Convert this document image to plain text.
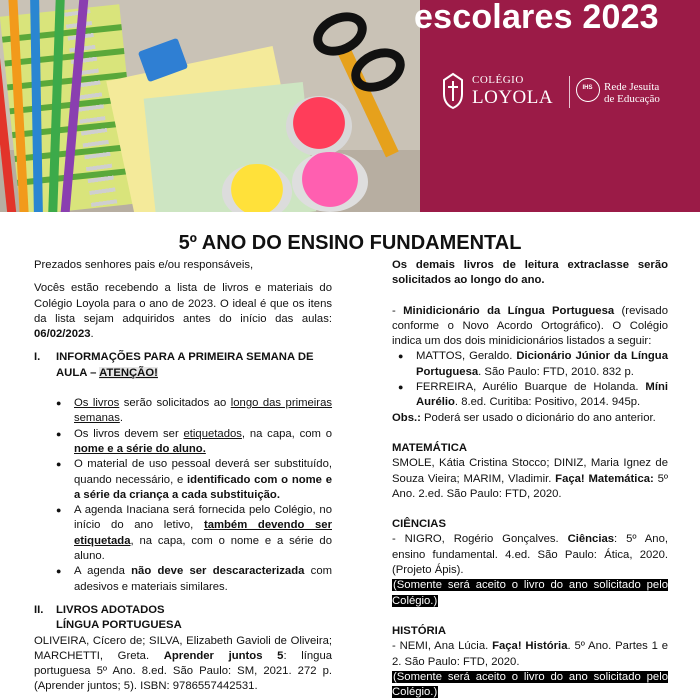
escolares 2023
COLÉGIO
LOYOLA	IHS	Rede Jesuíta
de Educação
5º ANO DO ENSINO FUNDAMENTAL

Prezados senhores pais e/ou responsáveis,

Vocês estão recebendo a lista de livros e materiais do Colégio Loyola para o ano de 2023. O ideal é que os itens da lista sejam adquiridos antes do início das aulas: 06/02/2023.

I.	INFORMAÇÕES PARA A PRIMEIRA SEMANA DE AULA – ATENÇÃO!
● Os livros serão solicitados ao longo das primeiras semanas.
● Os livros devem ser etiquetados, na capa, com o nome e a série do aluno.
● O material de uso pessoal deverá ser substituído, quando necessário, e identificado com o nome e a série da criança a cada substituição.
● A agenda Inaciana será fornecida pelo Colégio, no início do ano letivo, também devendo ser etiquetada, na capa, com o nome e a série do aluno.
● A agenda não deve ser descaracterizada com adesivos e materiais similares.
II.	LIVROS ADOTADOS
LÍNGUA PORTUGUESA

OLIVEIRA, Cícero de; SILVA, Elizabeth Gavioli de Oliveira; MARCHETTI, Greta. Aprender juntos 5: língua portuguesa 5º Ano. 8.ed. São Paulo: SM, 2021. 272 p. (Aprender juntos; 5). ISBN: 9786557442531.

Os demais livros de leitura extraclasse serão solicitados ao longo do ano.

- Minidicionário da Língua Portuguesa (revisado conforme o Novo Acordo Ortográfico). O Colégio indica um dos dois minidicionários listados a seguir:

● MATTOS, Geraldo. Dicionário Júnior da Língua Portuguesa. São Paulo: FTD, 2010. 832 p.
● FERREIRA, Aurélio Buarque de Holanda. Míni Aurélio. 8.ed. Curitiba: Positivo, 2014. 945p.

Obs.: Poderá ser usado o dicionário do ano anterior.

MATEMÁTICA

SMOLE, Kátia Cristina Stocco; DINIZ, Maria Ignez de Souza Vieira; MARIM, Vladimir. Faça! Matemática: 5º Ano. 2.ed. São Paulo: FTD, 2020.

CIÊNCIAS

- NIGRO, Rogério Gonçalves. Ciências: 5º Ano, ensino fundamental. 4.ed. São Paulo: Ática, 2020. (Projeto Ápis).

(Somente será aceito o livro do ano solicitado pelo Colégio.)

HISTÓRIA

- NEMI, Ana Lúcia. Faça! História. 5º Ano. Partes 1 e 2. São Paulo: FTD, 2020.

(Somente será aceito o livro do ano solicitado pelo Colégio.)
